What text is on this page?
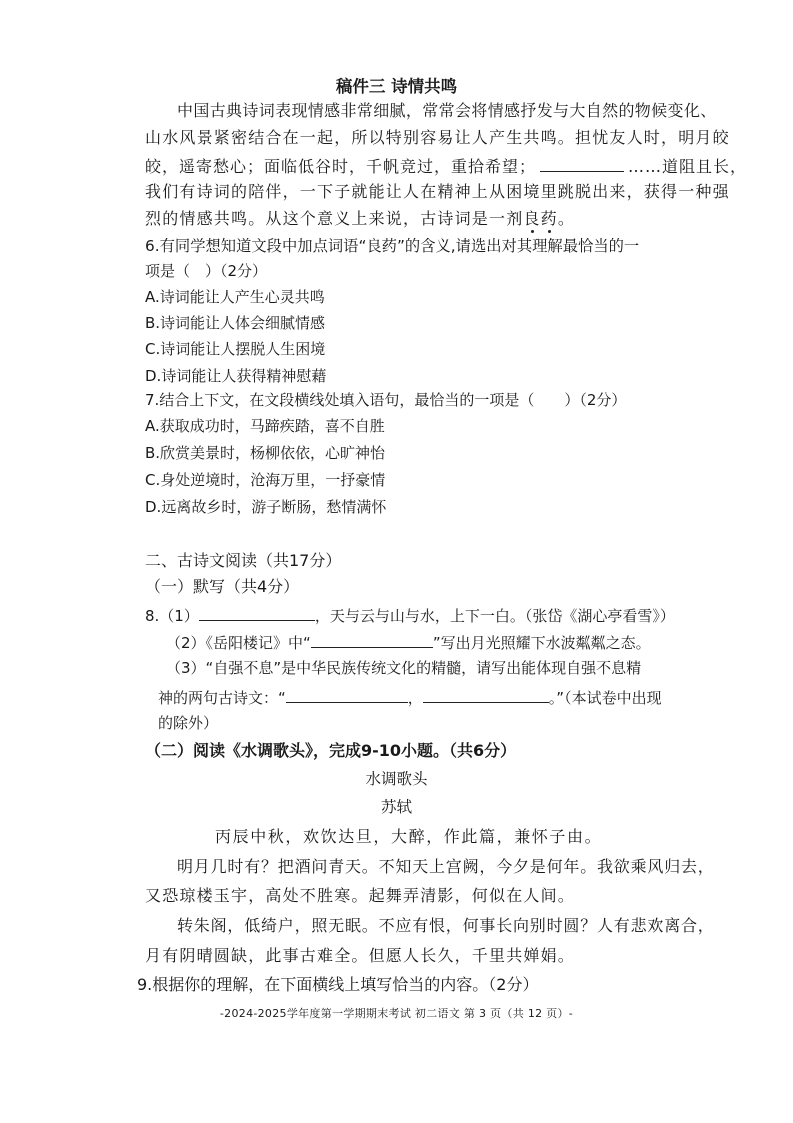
稿件三 诗情共鸣
中国古典诗词表现情感非常细腻，常常会将情感抒发与大自然的物候变化、
山水风景紧密结合在一起，所以特别容易让人产生共鸣。担忧友人时，明月皎
皎，遥寄愁心；面临低谷时，千帆竞过，重拾希望；	……道阻且长，
我们有诗词的陪伴，一下子就能让人在精神上从困境里跳脱出来，获得一种强
烈的情感共鸣。从这个意义上来说，古诗词是一剂良药。
6.有同学想知道文段中加点词语“良药”的含义,请选出对其理解最恰当的一
项是（　）（2分）
A.诗词能让人产生心灵共鸣
B.诗词能让人体会细腻情感
C.诗词能让人摆脱人生困境
D.诗词能让人获得精神慰藉
7.结合上下文，在文段横线处填入语句，最恰当的一项是（　　）（2分）
A.获取成功时，马蹄疾踏，喜不自胜
B.欣赏美景时，杨柳依依，心旷神怡
C.身处逆境时，沧海万里，一抒豪情
D.远离故乡时，游子断肠，愁情满怀
二、古诗文阅读（共17分）
（一）默写（共4分）
8.（1）	，天与云与山与水，上下一白。（张岱《湖心亭看雪》）
（2）《岳阳楼记》中“	”写出月光照耀下水波粼粼之态。
（3）“自强不息”是中华民族传统文化的精髓，请写出能体现自强不息精
神的两句古诗文：“	，	。”（本试卷中出现
的除外）
（二）阅读《水调歌头》，完成9-10小题。（共6分）
水调歌头
苏轼
丙辰中秋，欢饮达旦，大醉，作此篇，兼怀子由。
明月几时有？把酒问青天。不知天上宫阙，今夕是何年。我欲乘风归去，
又恐琼楼玉宇，高处不胜寒。起舞弄清影，何似在人间。
转朱阁，低绮户，照无眠。不应有恨，何事长向别时圆？人有悲欢离合，
月有阴晴圆缺，此事古难全。但愿人长久，千里共婵娟。
9.根据你的理解，在下面横线上填写恰当的内容。（2分）
-2024-2025学年度第一学期期末考试 初二语文 第 3 页（共 12 页）-
